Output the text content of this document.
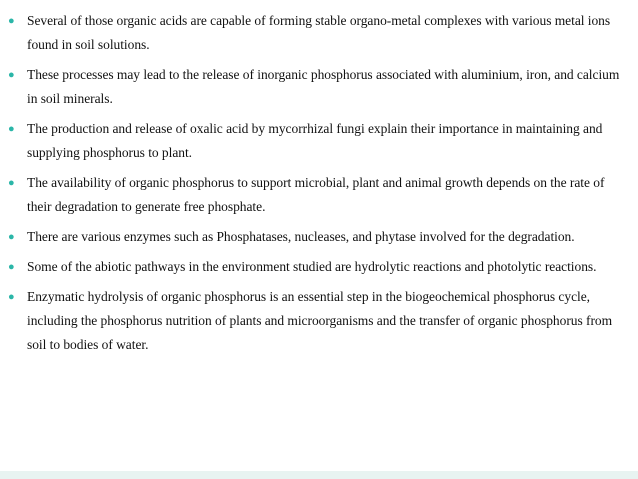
● Several of those organic acids are capable of forming stable organo-metal complexes with various metal ions found in soil solutions.
● These processes may lead to the release of inorganic phosphorus associated with aluminium, iron, and calcium in soil minerals.
● The production and release of oxalic acid by mycorrhizal fungi explain their importance in maintaining and supplying phosphorus to plant.
● The availability of organic phosphorus to support microbial, plant and animal growth depends on the rate of their degradation to generate free phosphate.
● There are various enzymes such as Phosphatases, nucleases, and phytase involved for the degradation.
● Some of the abiotic pathways in the environment studied are hydrolytic reactions and photolytic reactions.
● Enzymatic hydrolysis of organic phosphorus is an essential step in the biogeochemical phosphorus cycle, including the phosphorus nutrition of plants and microorganisms and the transfer of organic phosphorus from soil to bodies of water.
